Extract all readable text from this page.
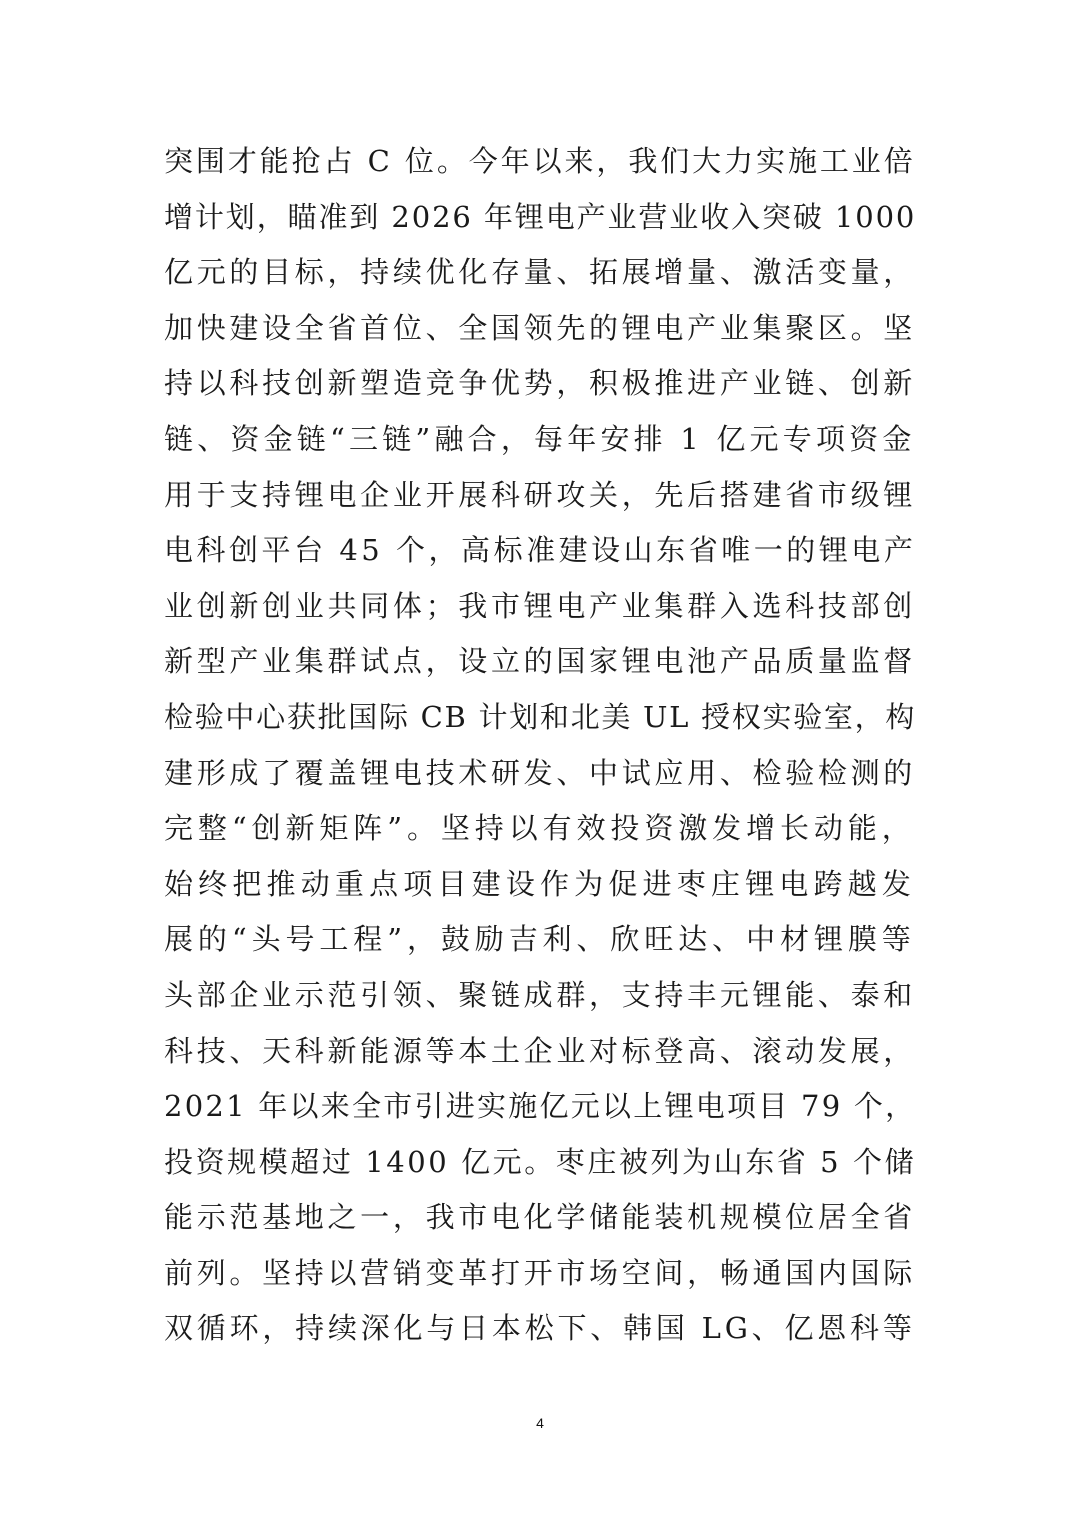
突围才能抢占 C 位。今年以来，我们大力实施工业倍
增计划，瞄准到 2026 年锂电产业营业收入突破 1000
亿元的目标，持续优化存量、拓展增量、激活变量，
加快建设全省首位、全国领先的锂电产业集聚区。坚
持以科技创新塑造竞争优势，积极推进产业链、创新
链、资金链“三链”融合，每年安排 1 亿元专项资金
用于支持锂电企业开展科研攻关，先后搭建省市级锂
电科创平台 45 个，高标准建设山东省唯一的锂电产
业创新创业共同体；我市锂电产业集群入选科技部创
新型产业集群试点，设立的国家锂电池产品质量监督
检验中心获批国际 CB 计划和北美 UL 授权实验室，构
建形成了覆盖锂电技术研发、中试应用、检验检测的
完整“创新矩阵”。坚持以有效投资激发增长动能，
始终把推动重点项目建设作为促进枣庄锂电跨越发
展的“头号工程”，鼓励吉利、欣旺达、中材锂膜等
头部企业示范引领、聚链成群，支持丰元锂能、泰和
科技、天科新能源等本土企业对标登高、滚动发展，
2021 年以来全市引进实施亿元以上锂电项目 79 个，
投资规模超过 1400 亿元。枣庄被列为山东省 5 个储
能示范基地之一，我市电化学储能装机规模位居全省
前列。坚持以营销变革打开市场空间，畅通国内国际
双循环，持续深化与日本松下、韩国 LG、亿恩科等
4
